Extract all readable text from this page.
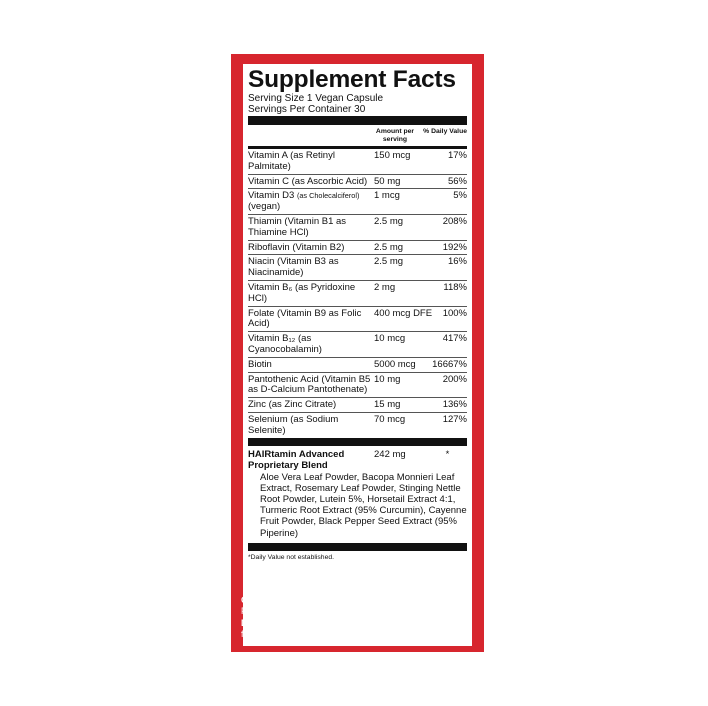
Supplement Facts
Serving Size 1 Vegan Capsule
Servings Per Container 30
Amount per serving
% Daily Value
Vitamin A (as Retinyl Palmitate)
150 mcg	17%
Vitamin C (as Ascorbic Acid) 50 mg	56%
Vitamin D3 (as Cholecalciferol) (vegan)
1 mcg	5%
Thiamin (Vitamin B1 as Thiamine HCl)
2.5 mg	208%
Riboflavin (Vitamin B2)	2.5 mg	192%
Niacin (Vitamin B3 as Niacinamide)
2.5 mg	16%
Vitamin B₆ (as Pyridoxine HCl)
2 mg	118%
Folate (Vitamin B9 as Folic Acid)
400 mcg DFE	100%
Vitamin B₁₂ (as Cyanocobalamin)
10 mcg	417%
Biotin	5000 mcg	16667%
Pantothenic Acid (Vitamin B5 as D-Calcium Pantothenate)
10 mg	200%
Zinc (as Zinc Citrate)	15 mg	136%
Selenium (as Sodium Selenite)
70 mcg	127%
HAIRtamin Advanced Proprietary Blend
242 mg	*
Aloe Vera Leaf Powder, Bacopa Monnieri Leaf Extract, Rosemary Leaf Powder, Stinging Nettle Root Powder, Lutein 5%, Horsetail Extract 4:1, Turmeric Root Extract (95% Curcumin), Cayenne Fruit Powder, Black Pepper Seed Extract (95% Piperine)
*Daily Value not established.
Other Ingredients: Vegetable Cellulose (Capsule), Rice Flour
Does NOT contain the following allergens: dairy, eggs, fish, wheat, crustaceans, tree nuts, peanuts, soy
